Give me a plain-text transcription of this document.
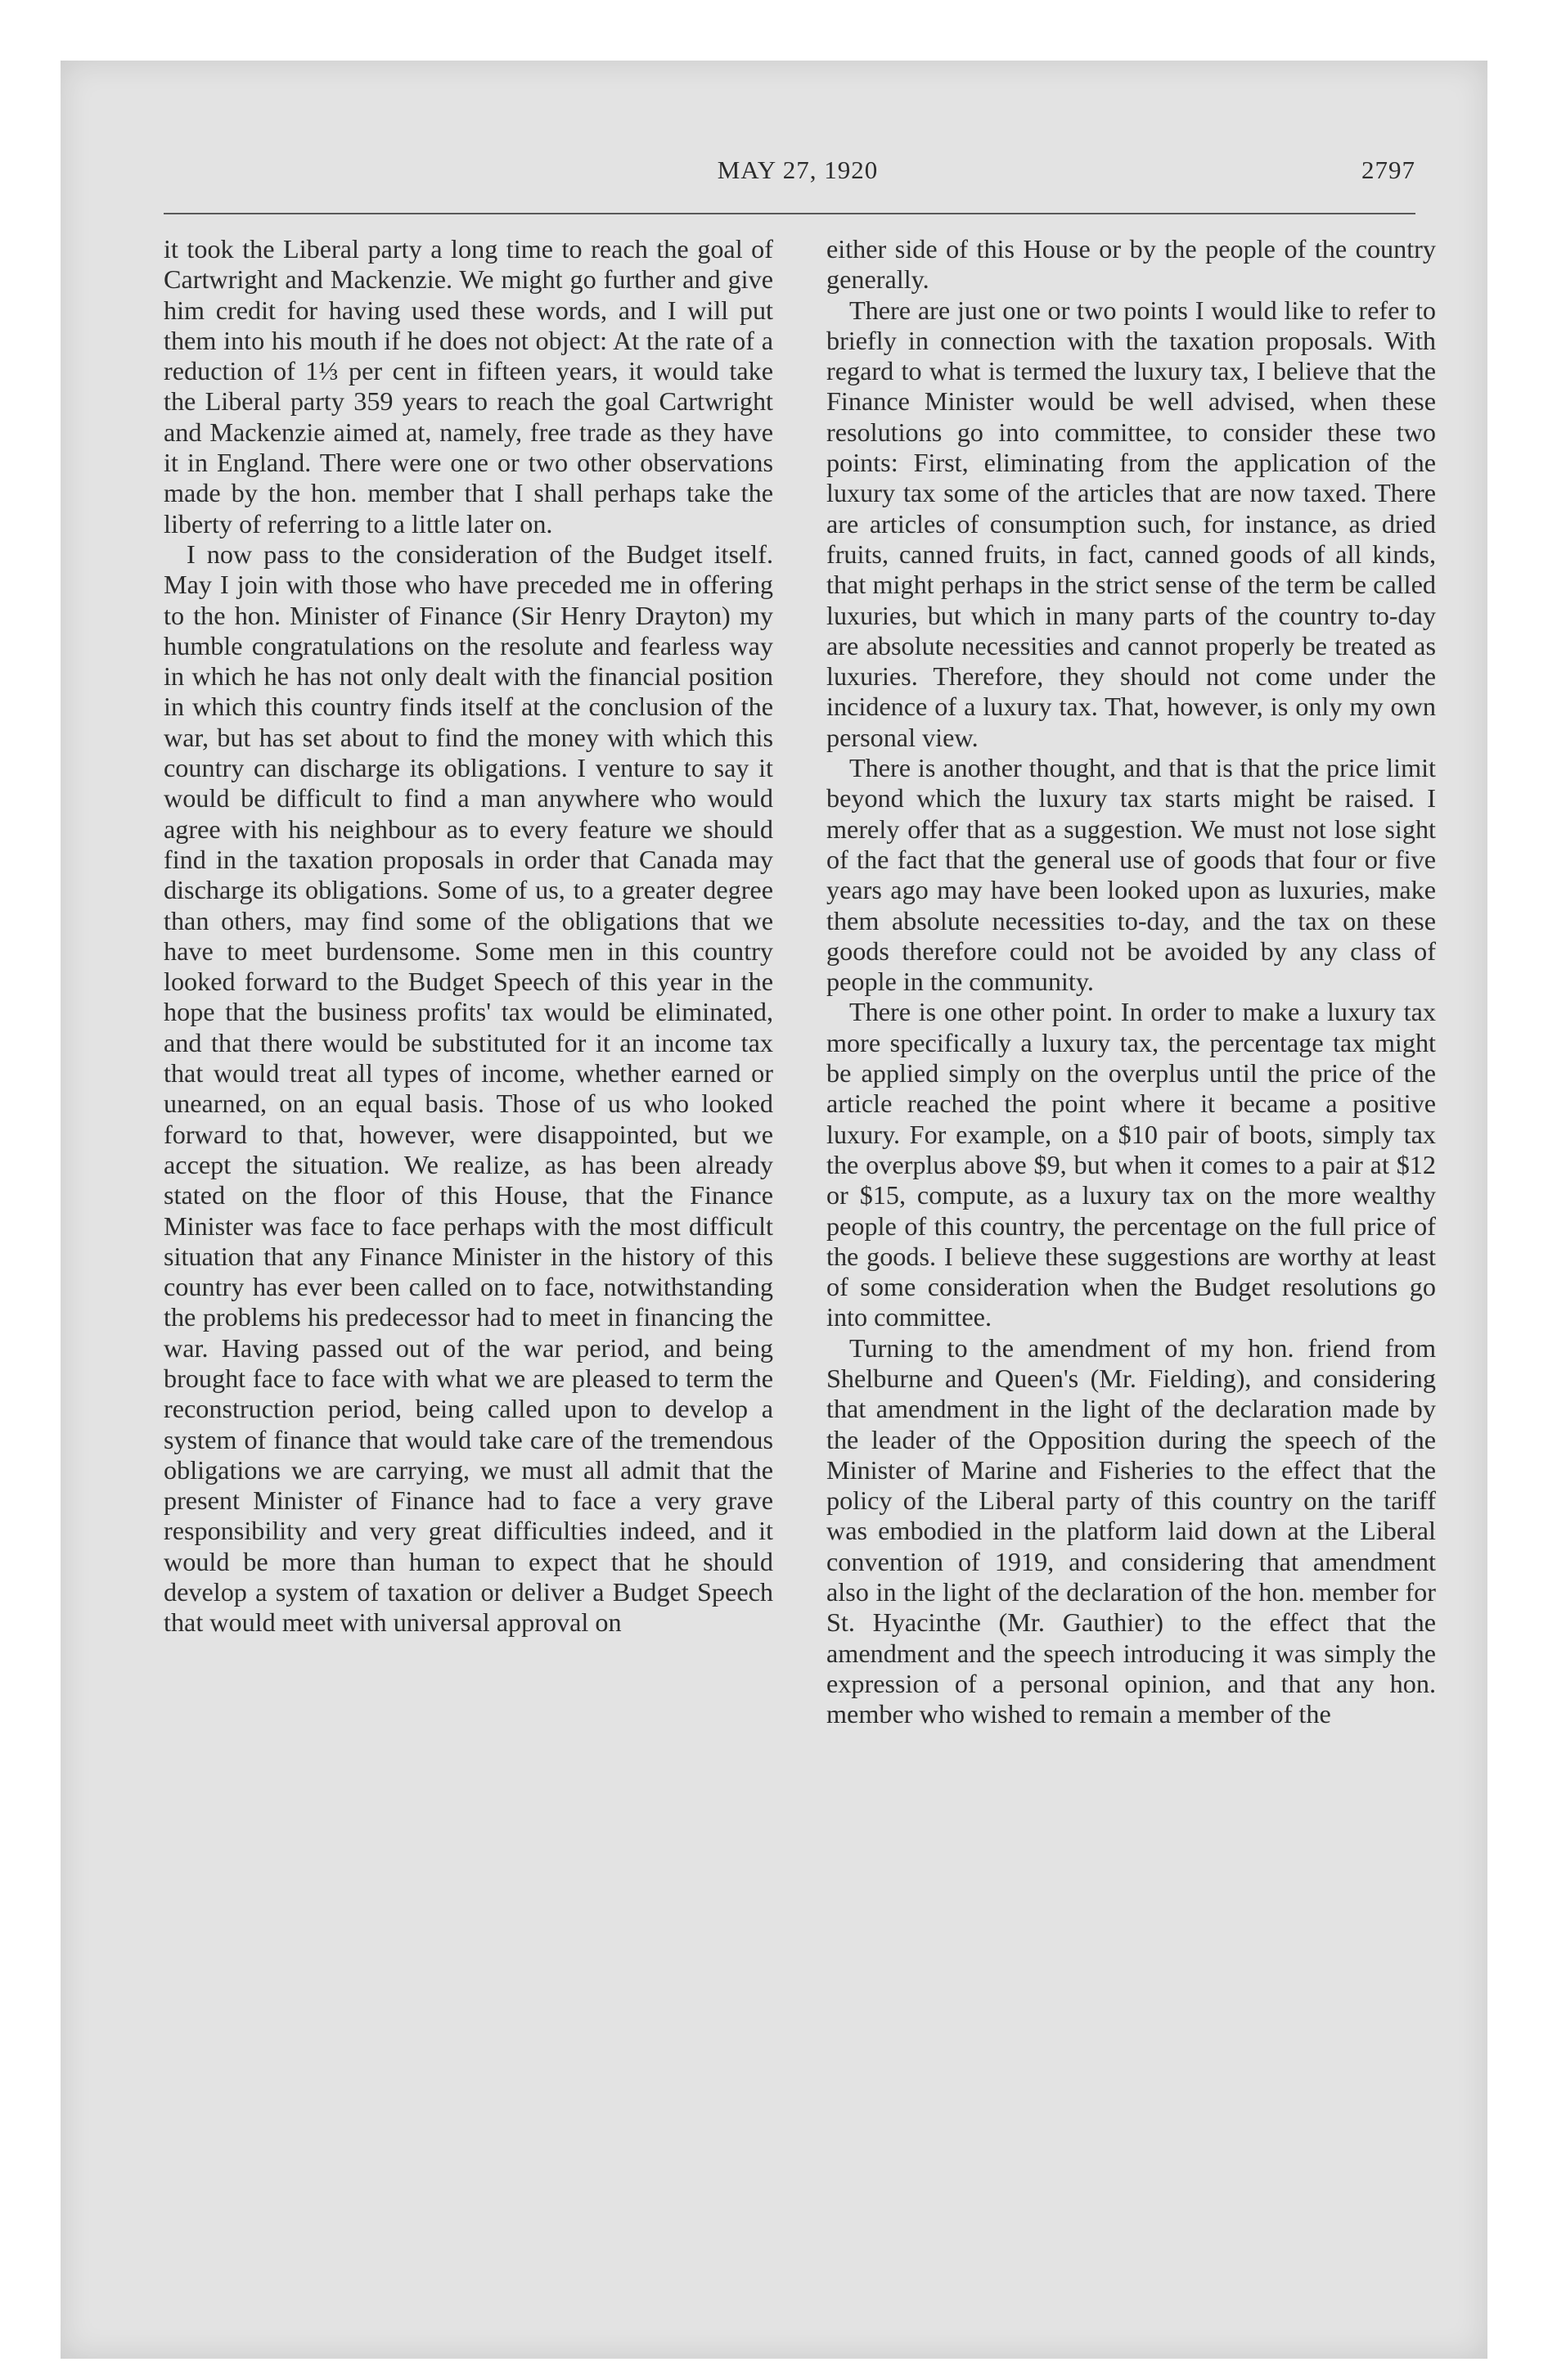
MAY 27, 1920	2797

it took the Liberal party a long time to reach the goal of Cartwright and Mackenzie. We might go further and give him credit for having used these words, and I will put them into his mouth if he does not object: At the rate of a reduction of 1⅓ per cent in fifteen years, it would take the Liberal party 359 years to reach the goal Cartwright and Mackenzie aimed at, namely, free trade as they have it in England. There were one or two other observations made by the hon. member that I shall perhaps take the liberty of referring to a little later on.

I now pass to the consideration of the Budget itself. May I join with those who have preceded me in offering to the hon. Minister of Finance (Sir Henry Drayton) my humble congratulations on the resolute and fearless way in which he has not only dealt with the financial position in which this country finds itself at the conclusion of the war, but has set about to find the money with which this country can discharge its obligations. I venture to say it would be difficult to find a man anywhere who would agree with his neighbour as to every feature we should find in the taxation proposals in order that Canada may discharge its obligations. Some of us, to a greater degree than others, may find some of the obligations that we have to meet burdensome. Some men in this country looked forward to the Budget Speech of this year in the hope that the business profits' tax would be eliminated, and that there would be substituted for it an income tax that would treat all types of income, whether earned or unearned, on an equal basis. Those of us who looked forward to that, however, were disappointed, but we accept the situation. We realize, as has been already stated on the floor of this House, that the Finance Minister was face to face perhaps with the most difficult situation that any Finance Minister in the history of this country has ever been called on to face, notwithstanding the problems his predecessor had to meet in financing the war. Having passed out of the war period, and being brought face to face with what we are pleased to term the reconstruction period, being called upon to develop a system of finance that would take care of the tremendous obligations we are carrying, we must all admit that the present Minister of Finance had to face a very grave responsibility and very great difficulties indeed, and it would be more than human to expect that he should develop a system of taxation or deliver a Budget Speech that would meet with universal approval on

either side of this House or by the people of the country generally.

There are just one or two points I would like to refer to briefly in connection with the taxation proposals. With regard to what is termed the luxury tax, I believe that the Finance Minister would be well advised, when these resolutions go into committee, to consider these two points: First, eliminating from the application of the luxury tax some of the articles that are now taxed. There are articles of consumption such, for instance, as dried fruits, canned fruits, in fact, canned goods of all kinds, that might perhaps in the strict sense of the term be called luxuries, but which in many parts of the country to-day are absolute necessities and cannot properly be treated as luxuries. Therefore, they should not come under the incidence of a luxury tax. That, however, is only my own personal view.

There is another thought, and that is that the price limit beyond which the luxury tax starts might be raised. I merely offer that as a suggestion. We must not lose sight of the fact that the general use of goods that four or five years ago may have been looked upon as luxuries, make them absolute necessities to-day, and the tax on these goods therefore could not be avoided by any class of people in the community.

There is one other point. In order to make a luxury tax more specifically a luxury tax, the percentage tax might be applied simply on the overplus until the price of the article reached the point where it became a positive luxury. For example, on a $10 pair of boots, simply tax the overplus above $9, but when it comes to a pair at $12 or $15, compute, as a luxury tax on the more wealthy people of this country, the percentage on the full price of the goods. I believe these suggestions are worthy at least of some consideration when the Budget resolutions go into committee.

Turning to the amendment of my hon. friend from Shelburne and Queen's (Mr. Fielding), and considering that amendment in the light of the declaration made by the leader of the Opposition during the speech of the Minister of Marine and Fisheries to the effect that the policy of the Liberal party of this country on the tariff was embodied in the platform laid down at the Liberal convention of 1919, and considering that amendment also in the light of the declaration of the hon. member for St. Hyacinthe (Mr. Gauthier) to the effect that the amendment and the speech introducing it was simply the expression of a personal opinion, and that any hon. member who wished to remain a member of the
